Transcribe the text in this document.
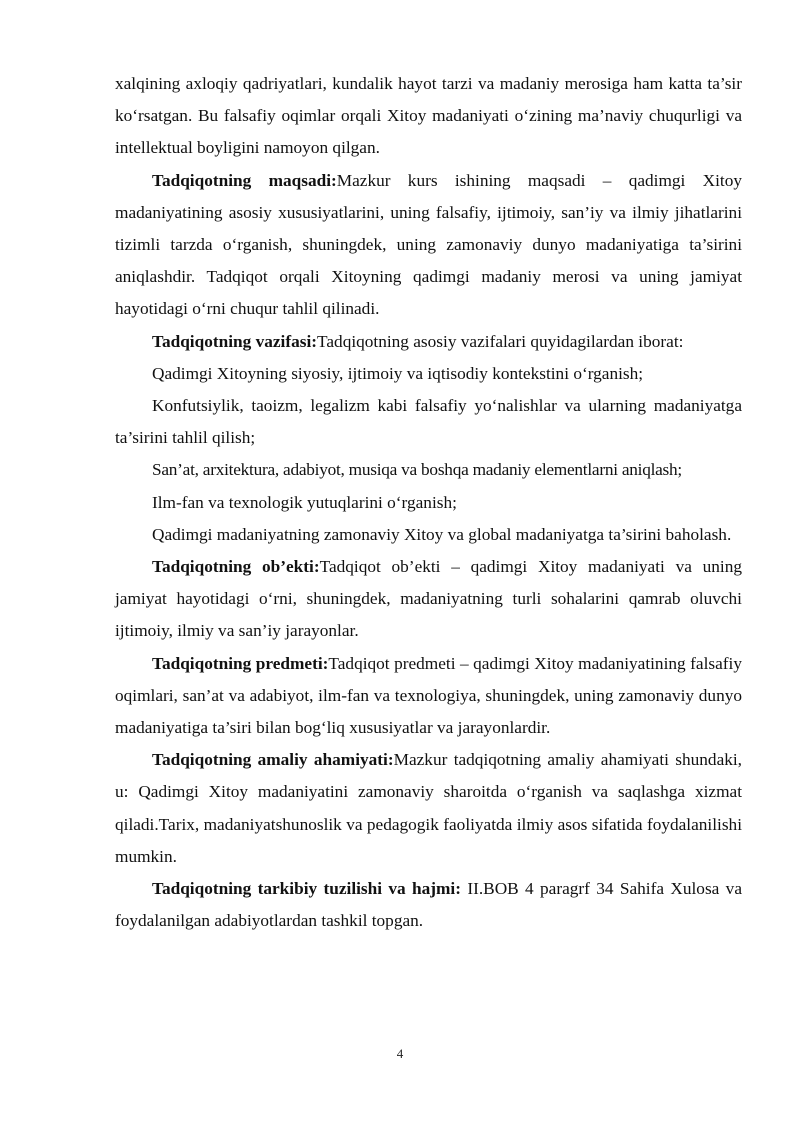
xalqining axloqiy qadriyatlari, kundalik hayot tarzi va madaniy merosiga ham katta ta’sir ko‘rsatgan. Bu falsafiy oqimlar orqali Xitoy madaniyati o‘zining ma’naviy chuqurligi va intellektual boyligini namoyon qilgan.

Tadqiqotning maqsadi:Mazkur kurs ishining maqsadi – qadimgi Xitoy madaniyatining asosiy xususiyatlarini, uning falsafiy, ijtimoiy, san’iy va ilmiy jihatlarini tizimli tarzda o‘rganish, shuningdek, uning zamonaviy dunyo madaniyatiga ta’sirini aniqlashdir. Tadqiqot orqali Xitoyning qadimgi madaniy merosi va uning jamiyat hayotidagi o‘rni chuqur tahlil qilinadi.

Tadqiqotning vazifasi:Tadqiqotning asosiy vazifalari quyidagilardan iborat:

Qadimgi Xitoyning siyosiy, ijtimoiy va iqtisodiy kontekstini o‘rganish;

Konfutsiylik, taoizm, legalizm kabi falsafiy yo‘nalishlar va ularning madaniyatga ta’sirini tahlil qilish;

San’at, arxitektura, adabiyot, musiqa va boshqa madaniy elementlarni aniqlash;

Ilm-fan va texnologik yutuqlarini o‘rganish;

Qadimgi madaniyatning zamonaviy Xitoy va global madaniyatga ta’sirini baholash.

Tadqiqotning ob’ekti:Tadqiqot ob’ekti – qadimgi Xitoy madaniyati va uning jamiyat hayotidagi o‘rni, shuningdek, madaniyatning turli sohalarini qamrab oluvchi ijtimoiy, ilmiy va san’iy jarayonlar.

Tadqiqotning predmeti:Tadqiqot predmeti – qadimgi Xitoy madaniyatining falsafiy oqimlari, san’at va adabiyot, ilm-fan va texnologiya, shuningdek, uning zamonaviy dunyo madaniyatiga ta’siri bilan bog‘liq xususiyatlar va jarayonlardir.

Tadqiqotning amaliy ahamiyati:Mazkur tadqiqotning amaliy ahamiyati shundaki, u: Qadimgi Xitoy madaniyatini zamonaviy sharoitda o‘rganish va saqlashga xizmat qiladi.Tarix, madaniyatshunoslik va pedagogik faoliyatda ilmiy asos sifatida foydalanilishi mumkin.

Tadqiqotning tarkibiy tuzilishi va hajmi: II.BOB 4 paragrf 34 Sahifa Xulosa va foydalanilgan adabiyotlardan tashkil topgan.

4
